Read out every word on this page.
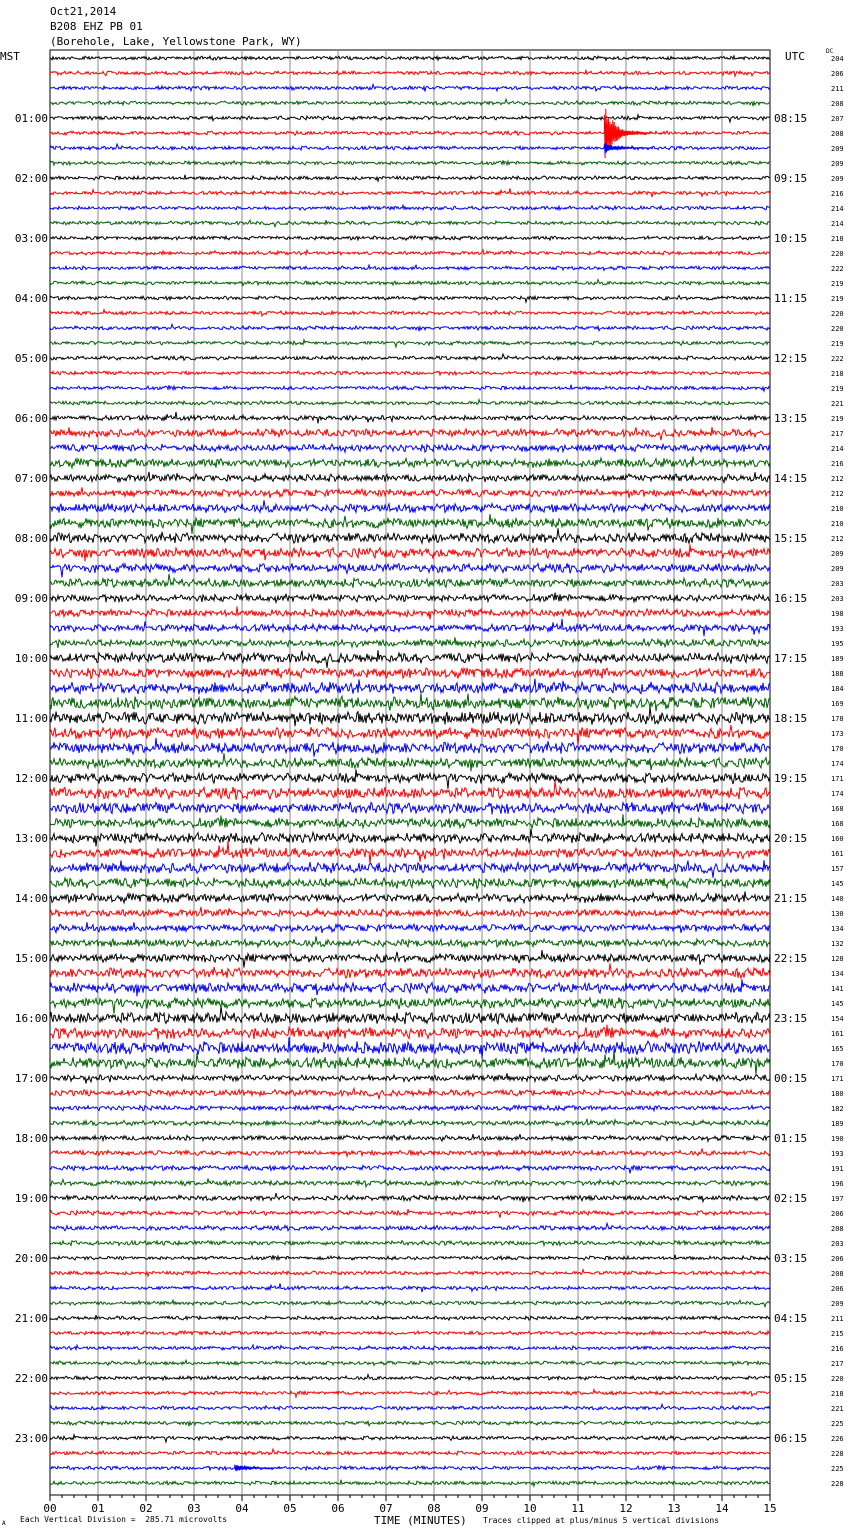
00	01	02	03	04	05	06	07	08	09	10	11	12	13	14	15
01:00
02:00
03:00
04:00
05:00
06:00
07:00
08:00
09:00
10:00
11:00
12:00
13:00
14:00
15:00
16:00
17:00
18:00
19:00
20:00
21:00
22:00
23:00
08:15
09:15
10:15
11:15
12:15
13:15
14:15
15:15
16:15
17:15
18:15
19:15
20:15
21:15
22:15
23:15
00:15
01:15
02:15
03:15
04:15
05:15
06:15
204
206
211
208
207
208
209
209
209
216
214
214
218
220
222
219
219
220
220
219
222
218
219
221
219
217
214
216
212
212
210
210
212
209
209
203
203
198
193
195
189
188
184
169
178
173
170
174
171
174
168
168
160
161
157
145
140
130
134
132
128
134
141
145
154
161
165
170
171
180
182
189
190
193
191
196
197
206
208
203
206
208
206
209
211
215
216
217
220
218
221
225
226
228
225
228
Oct21,2014
B208 EHZ PB 01
(Borehole, Lake, Yellowstone Park, WY)
MST	UTC	DC
A Each Vertical Division =  285.71 microvolts	TIME (MINUTES) Traces clipped at plus/minus 5 vertical divisions
